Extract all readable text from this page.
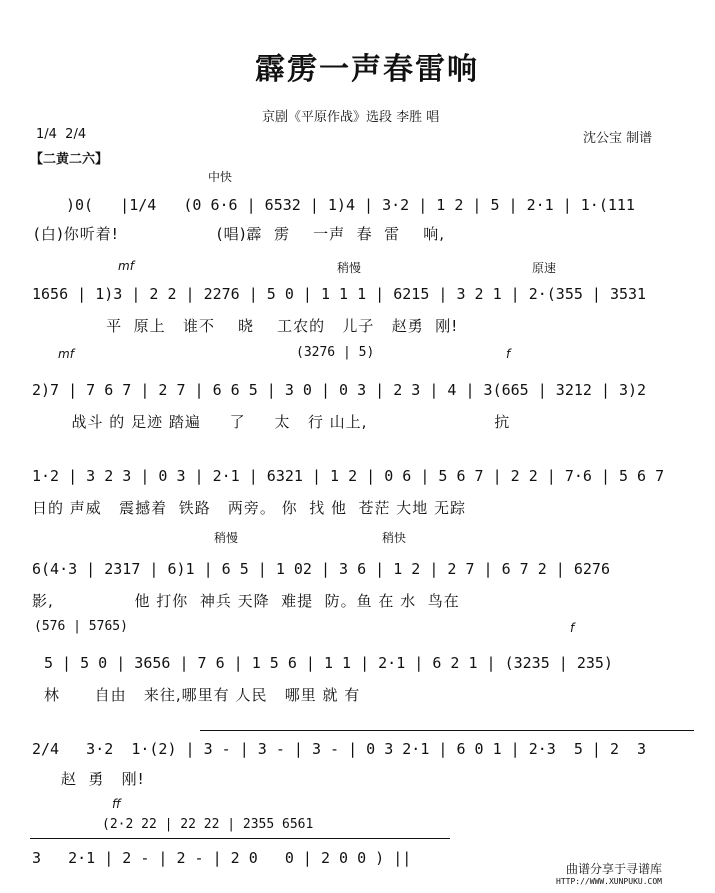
霹雳一声春雷响
京剧《平原作战》选段 李胜 唱
1/4  2/4	沈公宝 制谱
【二黄二六】
中快
)0(   |1/4   (0 6·6 | 6532 | 1)4 | 3·2 | 1 2 | 5 | 2·1 | 1·(111
(白)你听着!                 (唱)霹  雳    一声  春  雷    响,
mf	稍慢	原速
1656 | 1)3 | 2 2 | 2276 | 5 0 | 1 1 1 | 6215 | 3 2 1 | 2·(355 | 3531
平  原上   谁不    晓    工农的   儿子   赵勇  刚!
mf	(3276 | 5)	f
2)7 | 7 6 7 | 2 7 | 6 6 5 | 3 0 | 0 3 | 2 3 | 4 | 3(665 | 3212 | 3)2
战斗 的 足迹 踏遍     了     太   行 山上,                      抗
1·2 | 3 2 3 | 0 3 | 2·1 | 6321 | 1 2 | 0 6 | 5 6 7 | 2 2 | 7·6 | 5 6 7
日的 声威   震撼着  铁路   两旁。 你  找 他  苍茫 大地 无踪
稍慢	稍快
6(4·3 | 2317 | 6)1 | 6 5 | 1 02 | 3 6 | 1 2 | 2 7 | 6 7 2 | 6276
影,              他 打你  神兵 天降  难提  防。鱼 在 水  鸟在
(576 | 5765)	f
5 | 5 0 | 3656 | 7 6 | 1 5 6 | 1 1 | 2·1 | 6 2 1 | (3235 | 235)
林      自由   来往,哪里有 人民   哪里 就 有
2/4   3·2  1·(2) | 3 - | 3 - | 3 - | 0 3 2·1 | 6 0 1 | 2·3  5 | 2  3
赵  勇   刚!
ff
(2·2 22 | 22 22 | 2355 6561
3   2·1 | 2 - | 2 - | 2 0   0 | 2 0 0 ) ||
曲谱分享于寻谱库
HTTP://WWW.XUNPUKU.COM
